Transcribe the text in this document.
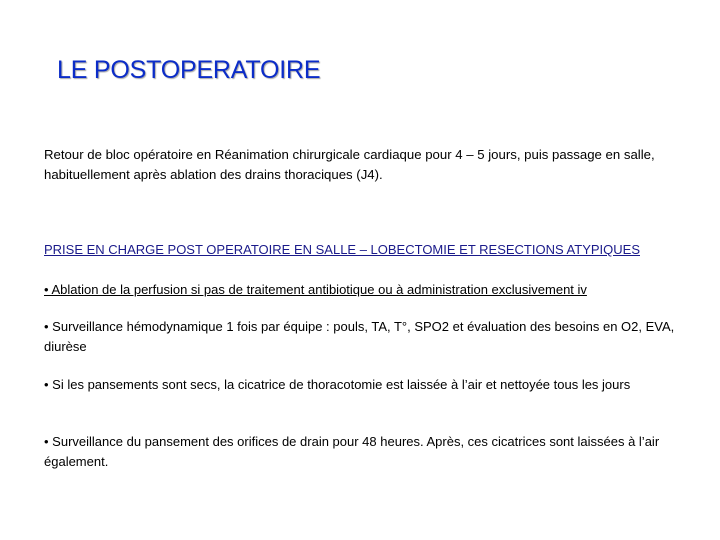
LE POSTOPERATOIRE

Retour de bloc opératoire en Réanimation chirurgicale cardiaque pour 4 – 5 jours, puis passage en salle, habituellement après ablation des drains thoraciques (J4).

PRISE EN CHARGE POST OPERATOIRE EN SALLE – LOBECTOMIE ET RESECTIONS ATYPIQUES

• Ablation de la perfusion si pas de traitement antibiotique ou à administration exclusivement iv

• Surveillance hémodynamique 1 fois par équipe : pouls, TA, T°, SPO2 et évaluation des besoins en O2, EVA, diurèse

• Si les pansements sont secs, la cicatrice de thoracotomie est laissée à l’air et nettoyée tous les jours

• Surveillance du pansement des orifices de drain pour 48 heures. Après, ces cicatrices sont laissées à l’air également.
